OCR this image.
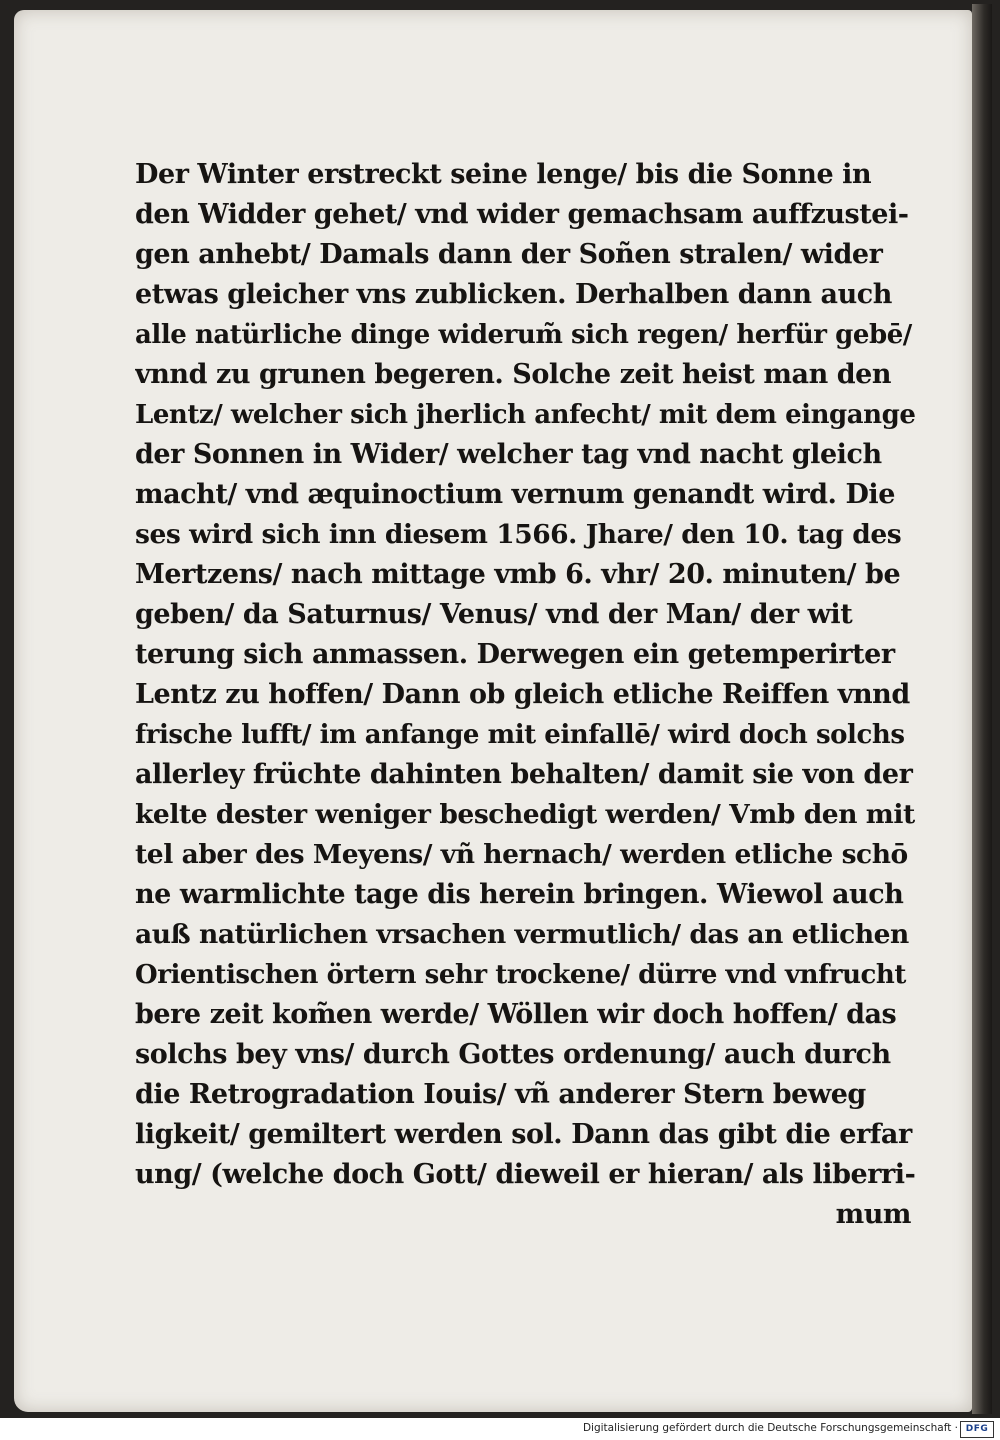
Der Winter erstreckt seine lenge/ bis die Sonne in
den Widder gehet/ vnd wider gemachsam auffzustei-
gen anhebt/ Damals dann der Soñen stralen/ wider
etwas gleicher vns zublicken. Derhalben dann auch
alle natürliche dinge widerum̃ sich regen/ herfür gebē/
vnnd zu grunen begeren. Solche zeit heist man den
Lentz/ welcher sich jherlich anfecht/ mit dem eingange
der Sonnen in Wider/ welcher tag vnd nacht gleich
macht/ vnd æquinoctium vernum genandt wird. Die
ses wird sich inn diesem 1566. Jhare/ den 10. tag des
Mertzens/ nach mittage vmb 6. vhr/ 20. minuten/ be
geben/ da Saturnus/ Venus/ vnd der Man/ der wit
terung sich anmassen. Derwegen ein getemperirter
Lentz zu hoffen/ Dann ob gleich etliche Reiffen vnnd
frische lufft/ im anfange mit einfallē/ wird doch solchs
allerley früchte dahinten behalten/ damit sie von der
kelte dester weniger beschedigt werden/ Vmb den mit
tel aber des Meyens/ vñ hernach/ werden etliche schō
ne warmlichte tage dis herein bringen. Wiewol auch
auß natürlichen vrsachen vermutlich/ das an etlichen
Orientischen örtern sehr trockene/ dürre vnd vnfrucht
bere zeit kom̃en werde/ Wöllen wir doch hoffen/ das
solchs bey vns/ durch Gottes ordenung/ auch durch
die Retrogradation Iouis/ vñ anderer Stern beweg
ligkeit/ gemiltert werden sol. Dann das gibt die erfar
ung/ (welche doch Gott/ dieweil er hieran/ als liberri-
mum
Digitalisierung gefördert durch die Deutsche Forschungsgemeinschaft · DFG
